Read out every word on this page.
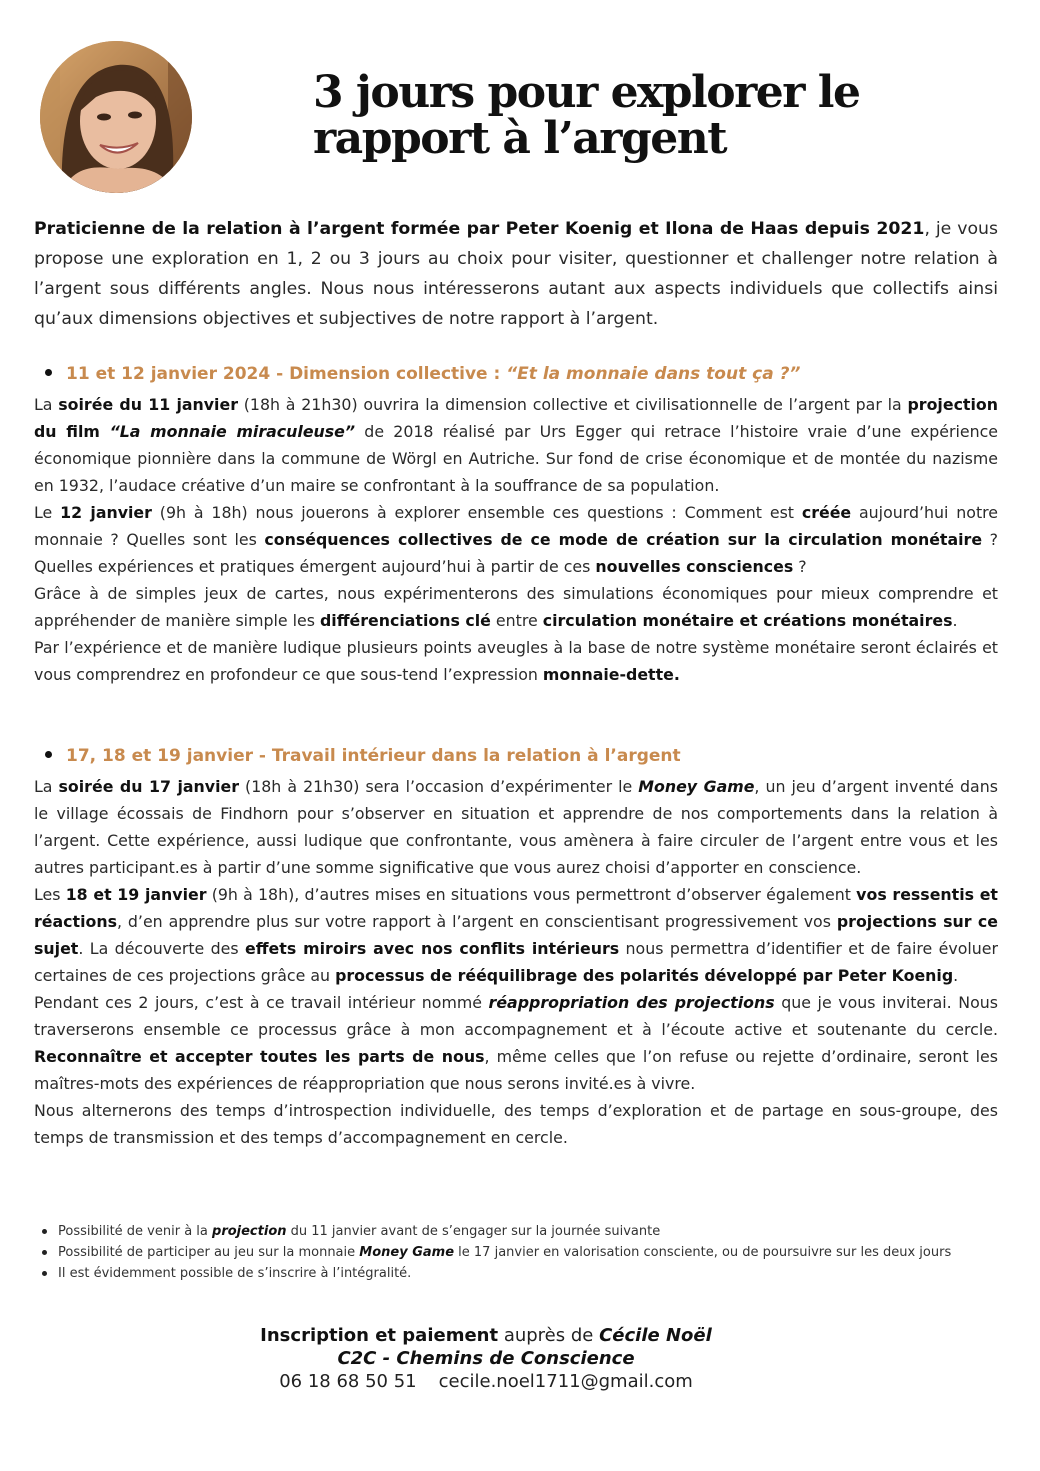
3 jours pour explorer le
rapport à l’argent

Praticienne de la relation à l’argent formée par Peter Koenig et Ilona de Haas depuis 2021, je vous propose une exploration en 1, 2 ou 3 jours au choix pour visiter, questionner et challenger notre relation à l’argent sous différents angles. Nous nous intéresserons autant aux aspects individuels que collectifs ainsi qu’aux dimensions objectives et subjectives de notre rapport à l’argent.

11 et 12 janvier 2024 - Dimension collective : “Et la monnaie dans tout ça ?”

La soirée du 11 janvier (18h à 21h30) ouvrira la dimension collective et civilisationnelle de l’argent par la projection du film “La monnaie miraculeuse” de 2018 réalisé par Urs Egger qui retrace l’histoire vraie d’une expérience économique pionnière dans la commune de Wörgl en Autriche. Sur fond de crise économique et de montée du nazisme en 1932, l’audace créative d’un maire se confrontant à la souffrance de sa population.

Le 12 janvier (9h à 18h) nous jouerons à explorer ensemble ces questions : Comment est créée aujourd’hui notre monnaie ? Quelles sont les conséquences collectives de ce mode de création sur la circulation monétaire ? Quelles expériences et pratiques émergent aujourd’hui à partir de ces nouvelles consciences ?

Grâce à de simples jeux de cartes, nous expérimenterons des simulations économiques pour mieux comprendre et appréhender de manière simple les différenciations clé entre circulation monétaire et créations monétaires.

Par l’expérience et de manière ludique plusieurs points aveugles à la base de notre système monétaire seront éclairés et vous comprendrez en profondeur ce que sous-tend l’expression monnaie-dette.

17, 18 et 19 janvier - Travail intérieur dans la relation à l’argent

La soirée du 17 janvier (18h à 21h30) sera l’occasion d’expérimenter le Money Game, un jeu d’argent inventé dans le village écossais de Findhorn pour s’observer en situation et apprendre de nos comportements dans la relation à l’argent. Cette expérience, aussi ludique que confrontante, vous amènera à faire circuler de l’argent entre vous et les autres participant.es à partir d’une somme significative que vous aurez choisi d’apporter en conscience.

Les 18 et 19 janvier (9h à 18h), d’autres mises en situations vous permettront d’observer également vos ressentis et réactions, d’en apprendre plus sur votre rapport à l’argent en conscientisant progressivement vos projections sur ce sujet. La découverte des effets miroirs avec nos conflits intérieurs nous permettra d’identifier et de faire évoluer certaines de ces projections grâce au processus de rééquilibrage des polarités développé par Peter Koenig.

Pendant ces 2 jours, c’est à ce travail intérieur nommé réappropriation des projections que je vous inviterai. Nous traverserons ensemble ce processus grâce à mon accompagnement et à l’écoute active et soutenante du cercle. Reconnaître et accepter toutes les parts de nous, même celles que l’on refuse ou rejette d’ordinaire, seront les maîtres-mots des expériences de réappropriation que nous serons invité.es à vivre.

Nous alternerons des temps d’introspection individuelle, des temps d’exploration et de partage en sous-groupe, des temps de transmission et des temps d’accompagnement en cercle.

Possibilité de venir à la projection du 11 janvier avant de s’engager sur la journée suivante
Possibilité de participer au jeu sur la monnaie Money Game le 17 janvier en valorisation consciente, ou de poursuivre sur les deux jours
Il est évidemment possible de s’inscrire à l’intégralité.
Inscription et paiement auprès de Cécile Noël
C2C - Chemins de Conscience
06 18 68 50 51 cecile.noel1711@gmail.com
